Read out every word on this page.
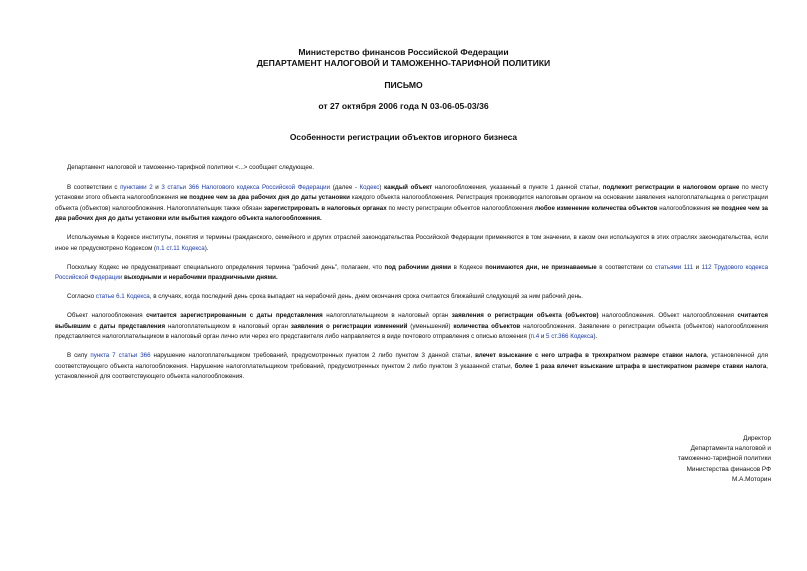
Министерство финансов Российской Федерации
ДЕПАРТАМЕНТ НАЛОГОВОЙ И ТАМОЖЕННО-ТАРИФНОЙ ПОЛИТИКИ
ПИСЬМО
от 27 октября 2006 года N 03-06-05-03/36
Особенности регистрации объектов игорного бизнеса

Департамент налоговой и таможенно-тарифной политики <...> сообщает следующее.

В соответствии с пунктами 2 и 3 статьи 366 Налогового кодекса Российской Федерации (далее - Кодекс) каждый объект налогообложения, указанный в пункте 1 данной статьи, подлежит регистрации в налоговом органе по месту установки этого объекта налогообложения не позднее чем за два рабочих дня до даты установки каждого объекта налогообложения. Регистрация производится налоговым органом на основании заявления налогоплательщика о регистрации объекта (объектов) налогообложения. Налогоплательщик также обязан зарегистрировать в налоговых органах по месту регистрации объектов налогообложения любое изменение количества объектов налогообложения не позднее чем за два рабочих дня до даты установки или выбытия каждого объекта налогообложения.

Используемые в Кодексе институты, понятия и термины гражданского, семейного и других отраслей законодательства Российской Федерации применяются в том значении, в каком они используются в этих отраслях законодательства, если иное не предусмотрено Кодексом (п.1 ст.11 Кодекса).

Поскольку Кодекс не предусматривает специального определения термина "рабочий день", полагаем, что под рабочими днями в Кодексе понимаются дни, не признаваемые в соответствии со статьями 111 и 112 Трудового кодекса Российской Федерации выходными и нерабочими праздничными днями.

Согласно статье 6.1 Кодекса, в случаях, когда последний день срока выпадает на нерабочий день, днем окончания срока считается ближайший следующий за ним рабочий день.

Объект налогообложения считается зарегистрированным с даты представления налогоплательщиком в налоговый орган заявления о регистрации объекта (объектов) налогообложения. Объект налогообложения считается выбывшим с даты представления налогоплательщиком в налоговый орган заявления о регистрации изменений (уменьшений) количества объектов налогообложения. Заявление о регистрации объекта (объектов) налогообложения представляется налогоплательщиком в налоговый орган лично или через его представителя либо направляется в виде почтового отправления с описью вложения (п.4 и 5 ст.366 Кодекса).

В силу пункта 7 статьи 366 нарушение налогоплательщиком требований, предусмотренных пунктом 2 либо пунктом 3 данной статьи, влечет взыскание с него штрафа в трехкратном размере ставки налога, установленной для соответствующего объекта налогообложения. Нарушение налогоплательщиком требований, предусмотренных пунктом 2 либо пунктом 3 указанной статьи, более 1 раза влечет взыскание штрафа в шестикратном размере ставки налога, установленной для соответствующего объекта налогообложения.

Директор
Департамента налоговой и
таможенно-тарифной политики
Министерства финансов РФ
М.А.Моторин
